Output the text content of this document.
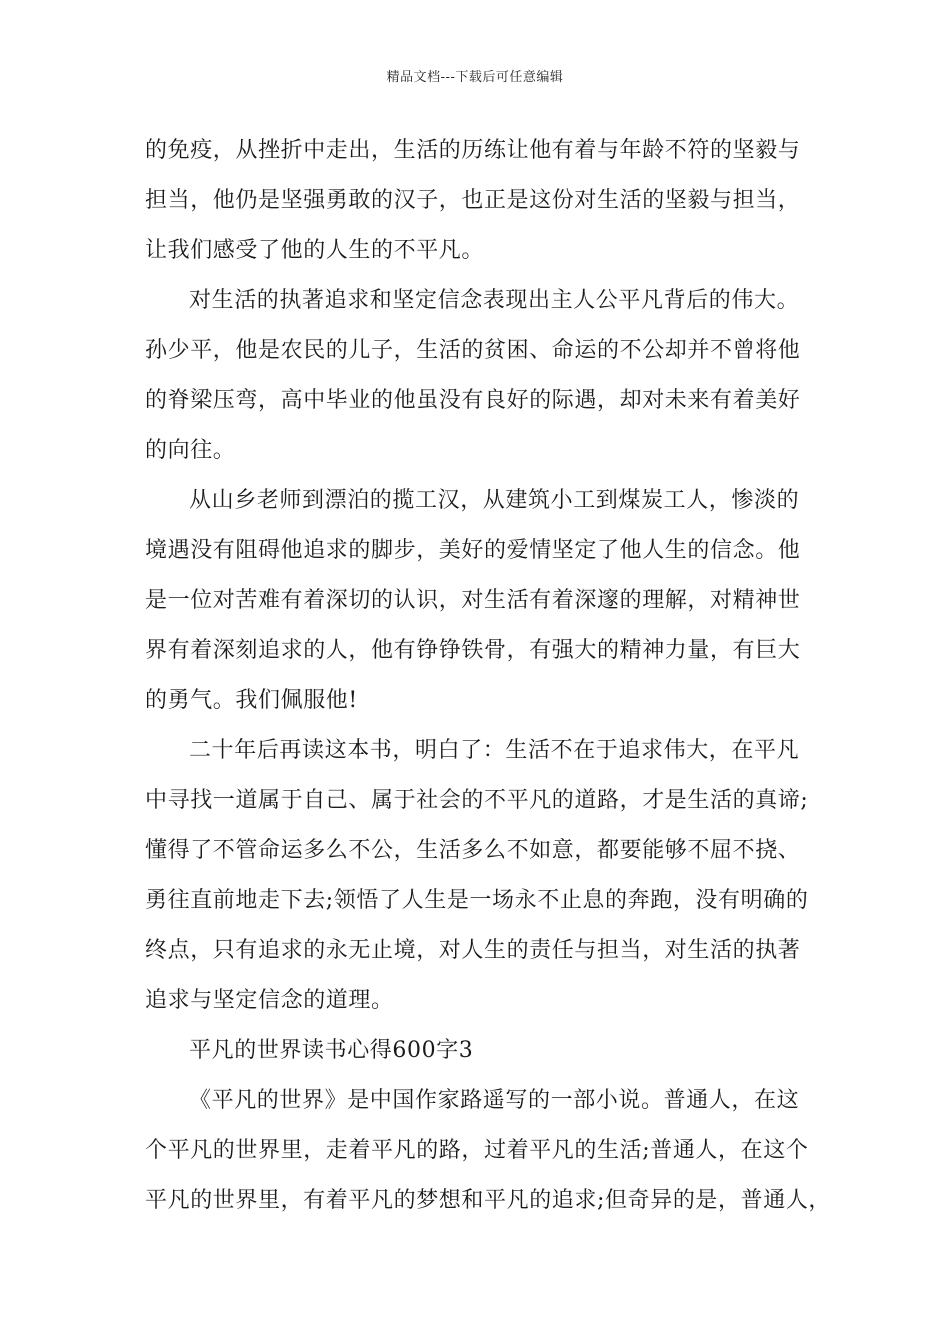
精品文档---下载后可任意编辑
的免疫，从挫折中走出，生活的历练让他有着与年龄不符的坚毅与
担当，他仍是坚强勇敢的汉子，也正是这份对生活的坚毅与担当，
让我们感受了他的人生的不平凡。
对生活的执著追求和坚定信念表现出主人公平凡背后的伟大。
孙少平，他是农民的儿子，生活的贫困、命运的不公却并不曾将他
的脊梁压弯，高中毕业的他虽没有良好的际遇，却对未来有着美好
的向往。
从山乡老师到漂泊的揽工汉，从建筑小工到煤炭工人，惨淡的
境遇没有阻碍他追求的脚步，美好的爱情坚定了他人生的信念。他
是一位对苦难有着深切的认识，对生活有着深邃的理解，对精神世
界有着深刻追求的人，他有铮铮铁骨，有强大的精神力量，有巨大
的勇气。我们佩服他!
二十年后再读这本书，明白了：生活不在于追求伟大，在平凡
中寻找一道属于自己、属于社会的不平凡的道路，才是生活的真谛;
懂得了不管命运多么不公，生活多么不如意，都要能够不屈不挠、
勇往直前地走下去;领悟了人生是一场永不止息的奔跑，没有明确的
终点，只有追求的永无止境，对人生的责任与担当，对生活的执著
追求与坚定信念的道理。
平凡的世界读书心得600字3
《平凡的世界》是中国作家路遥写的一部小说。普通人，在这
个平凡的世界里，走着平凡的路，过着平凡的生活;普通人，在这个
平凡的世界里，有着平凡的梦想和平凡的追求;但奇异的是，普通人，
